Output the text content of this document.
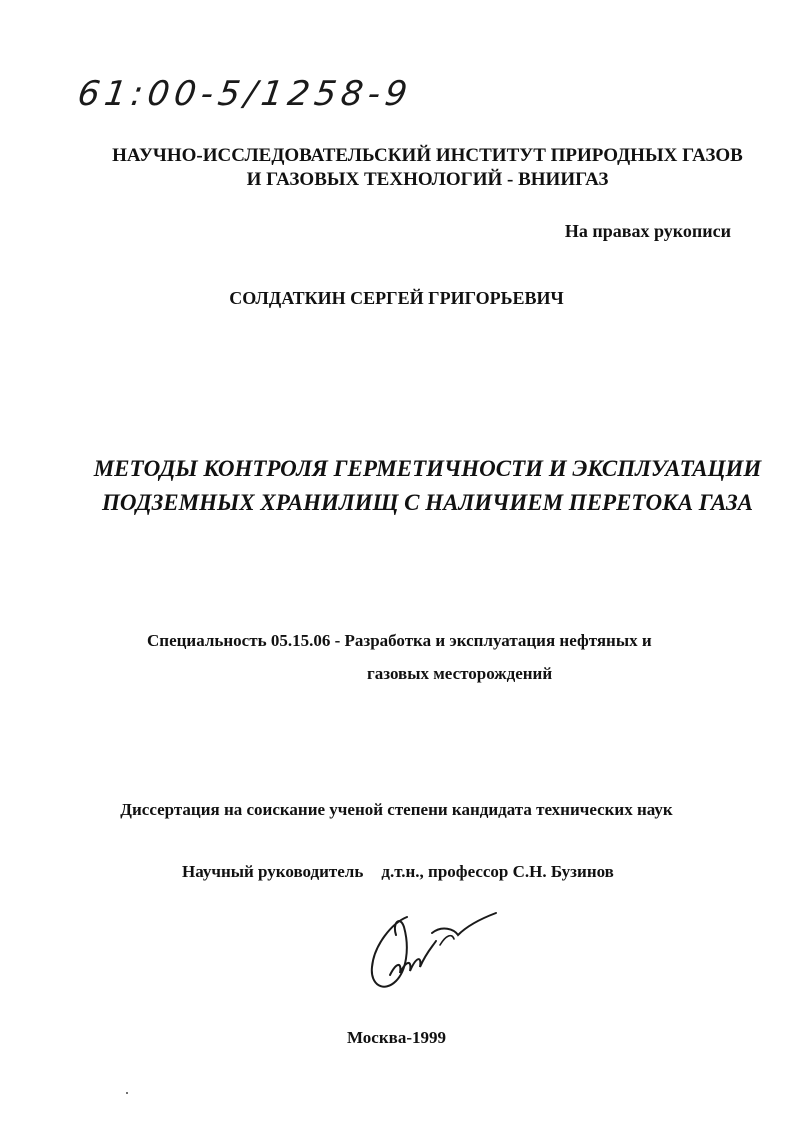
61:00-5/1258-9
НАУЧНО-ИССЛЕДОВАТЕЛЬСКИЙ ИНСТИТУТ ПРИРОДНЫХ ГАЗОВ
И ГАЗОВЫХ ТЕХНОЛОГИЙ - ВНИИГАЗ
На правах рукописи
СОЛДАТКИН СЕРГЕЙ ГРИГОРЬЕВИЧ
МЕТОДЫ КОНТРОЛЯ ГЕРМЕТИЧНОСТИ И ЭКСПЛУАТАЦИИ
ПОДЗЕМНЫХ ХРАНИЛИЩ С НАЛИЧИЕМ ПЕРЕТОКА ГАЗА
Специальность 05.15.06 - Разработка и эксплуатация нефтяных и
газовых месторождений
Диссертация на соискание ученой степени кандидата технических наук
Научный руководитель д.т.н., профессор С.Н. Бузинов
Москва-1999
